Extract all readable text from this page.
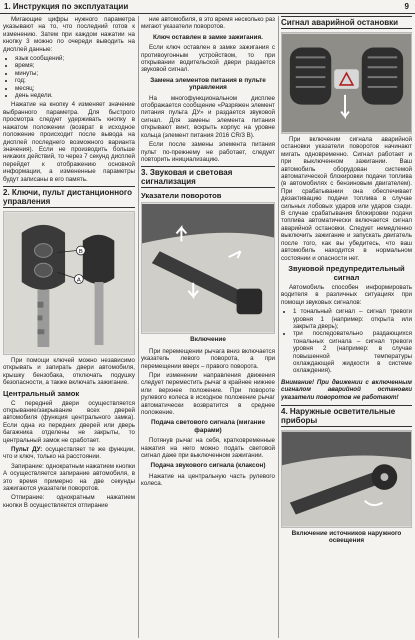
1. Инструкция по эксплуатации	9

Мигающие цифры нужного параметра указывают на то, что последний готов к изменению. Затем при каждом нажатии на кнопку 3 можно по очереди выводить на дисплей данные:

• язык сообщений;
• время;
• минуты;
• год;
• месяц;
• день недели.

Нажатие на кнопку 4 изменяет значение выбранного параметра. Для быстрого просмотра следует удерживать кнопку в нажатом положении (возврат в исходное положение происходит после вывода на дисплей последнего возможного варианта значения). Если не производить больше никаких действий, то через 7 секунд дисплей перейдет к отображению основной информации, а измененные параметры будут записаны в его память.

2. Ключи, пульт дистанционного управления
B
A

При помощи ключей можно независимо открывать и запирать двери автомобиля, крышку бензобака, отключать подушку безопасности, а также включать зажигание.

Центральный замок

С передней двери осуществляется открывание/закрывание всех дверей автомобиля (функция центрального замка). Если одна из передних дверей или дверь багажника отделены не закрыты, то центральный замок не сработает.

Пульт ДУ: осуществляет те же функции, что и ключ, только на расстоянии.

Запирание: однократным нажатием кнопки А осуществляется запирание автомобиля, в это время примерно на две секунды зажигаются указатели поворотов.

Отпирание: однократным нажатием кнопки В осуществляется отпирание

ние автомобиля, в это время несколько раз мигают указатели поворотов.

Ключ оставлен в замке зажигания.

Если ключ оставлен в замке зажигания с противоугонным устройством, то при открывании водительской двери раздается звуковой сигнал.

Замена элементов питания в пульте управления

На многофункциональном дисплее отображается сообщение «Разряжен элемент питания пульта ДУ» и раздается звуковой сигнал. Для замены элемента питания открывают винт, вскрыть корпус на уровне кольца (элемент питания 2016 CR/3 В).

Если после замены элемента питания пульт по-прежнему не работает, следует повторить инициализацию.

3. Звуковая и световая сигнализация
Указатели поворотов
Включение

При перемещении рычага вниз включается указатель левого поворота, а при перемещении вверх – правого поворота.

При изменении направления движения следует переместить рычаг в крайнее нижнее или верхнее положение. При повороте рулевого колеса в исходное положение рычаг автоматически возвратится в среднее положение.

Подача светового сигнала (мигание фарами)

Потянув рычаг на себя, кратковременные нажатия на него можно подать световой сигнал даже при выключенном зажигании.

Подача звукового сигнала (клаксон)

Нажатие на центральную часть рулевого колеса.

Сигнал аварийной остановки

При включении сигнала аварийной остановки указатели поворотов начинают мигать одновременно. Сигнал работает и при выключенном зажигании. Ваш автомобиль оборудован системой автоматической блокировки подачи топлива (в автомобилях с бензиновым двигателем). При срабатывании она обеспечивает дезактивацию подачи топлива в случае сильных лобовых ударов или ударов сзади. В случае срабатывания блокировки подачи топлива автоматически включается сигнал аварийной остановки. Следует немедленно выключить зажигание и запускать двигатель после того, как вы убедитесь, что ваш автомобиль находится в нормальном состоянии и опасности нет.

Звуковой предупредительный сигнал

Автомобиль способен информировать водителя в различных ситуациях при помощи звуковых сигналов:

• 1 тональный сигнал – сигнал тревоги уровня 1 (например: открыта или закрыта дверь);
• три последовательно раздающихся тональных сигнала – сигнал тревоги уровня 2 (например: в случае повышенной температуры охлаждающей жидкости в системе охлаждения).

Внимание! При движении с включенным сигналом аварийной остановки указатели поворотов не работают!

4. Наружные осветительные приборы
Включение источников наружного освещения
